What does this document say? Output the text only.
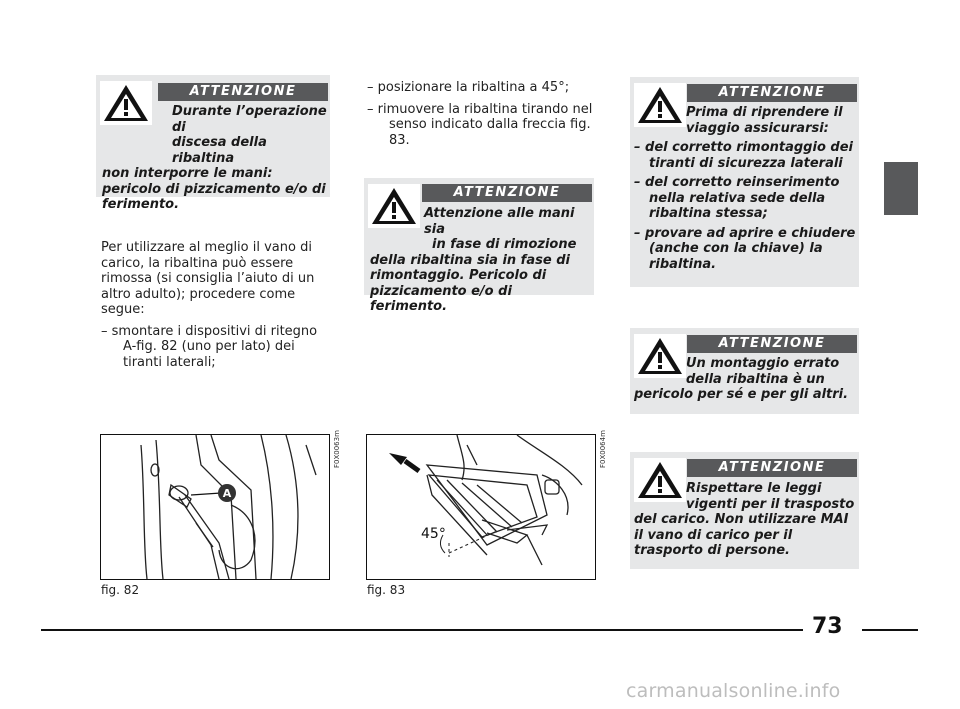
ATTENZIONE

Durante l’operazione di

discesa della ribaltina

non interporre le mani:

pericolo di pizzicamento e/o di

ferimento.

Per utilizzare al meglio il vano di carico, la ribaltina può essere rimossa (si consiglia l’aiuto di un altro adulto); procedere come segue:

– smontare i dispositivi di ritegno A-fig. 82 (uno per lato) dei tiranti laterali;

– posizionare la ribaltina a 45°;

– rimuovere la ribaltina tirando nel senso indicato dalla freccia fig. 83.

ATTENZIONE

Attenzione alle mani sia

in fase di rimozione

della ribaltina sia in fase di

rimontaggio. Pericolo di

pizzicamento e/o di ferimento.

ATTENZIONE

Prima di riprendere il

viaggio assicurarsi:

– del corretto rimontaggio dei tiranti di sicurezza laterali

– del corretto reinserimento nella relativa sede della ribaltina stessa;

– provare ad aprire e chiudere (anche con la chiave) la ribaltina.

ATTENZIONE

Un montaggio errato

della ribaltina è un

pericolo per sé e per gli altri.

ATTENZIONE

Rispettare le leggi

vigenti per il trasposto

del carico. Non utilizzare MAI

il vano di carico per il

trasporto di persone.

A
F0X0063m
fig. 82
45°
F0X0064m
fig. 83
73
carmanualsonline.info
